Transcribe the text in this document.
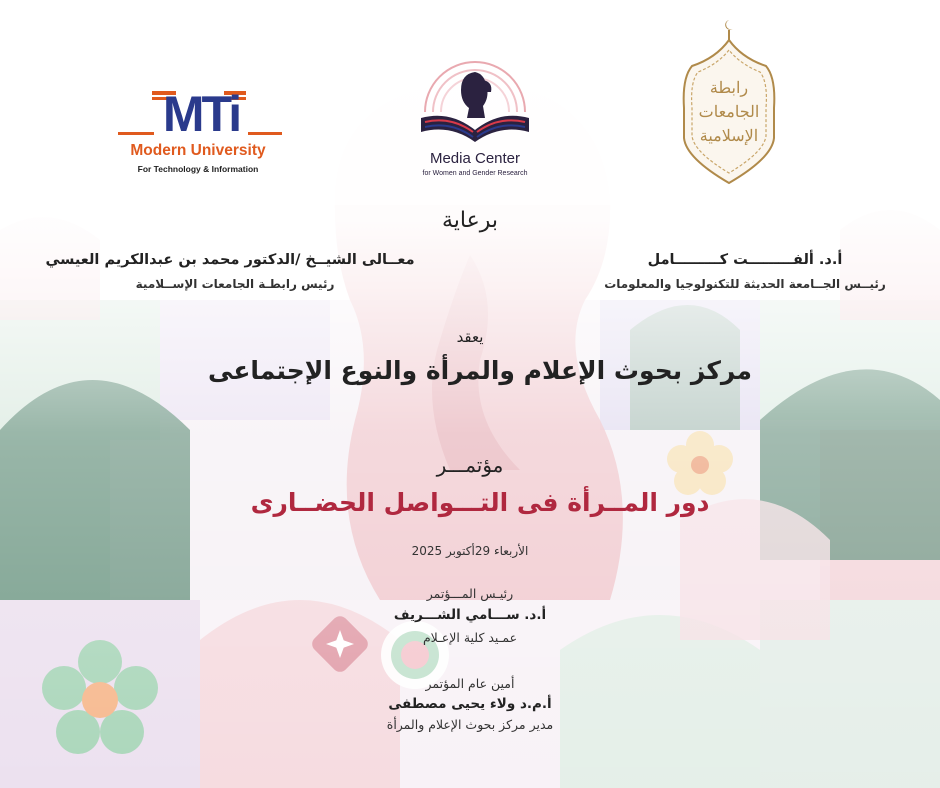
MTi
Modern University
For Technology & Information
Media Center
for Women and Gender Research
رابطة الجامعات الإسلامية
برعاية
معــالى الشيــخ /الدكتور محمد بن عبدالكريم العيسي
رئيس رابطـة الجامعات الإســلامية
أ.د. ألفـــــــــت كـــــــــامل
رئيــس الجــامعة الحديثة للتكنولوجيا والمعلومات
يعقد
مركز بحوث الإعلام والمرأة والنوع الإجتماعى
مؤتمـــر
دور المــرأة فى التـــواصل الحضــارى
الأربعاء 29أكتوبر 2025
رئيـس المـــؤتمر
أ.د. ســـامي الشـــريف
عمـيد كلية الإعـلام
أمين عام المؤتمر
أ.م.د ولاء يحيى مصطفى
مدير مركز بحوث الإعلام والمرأة
